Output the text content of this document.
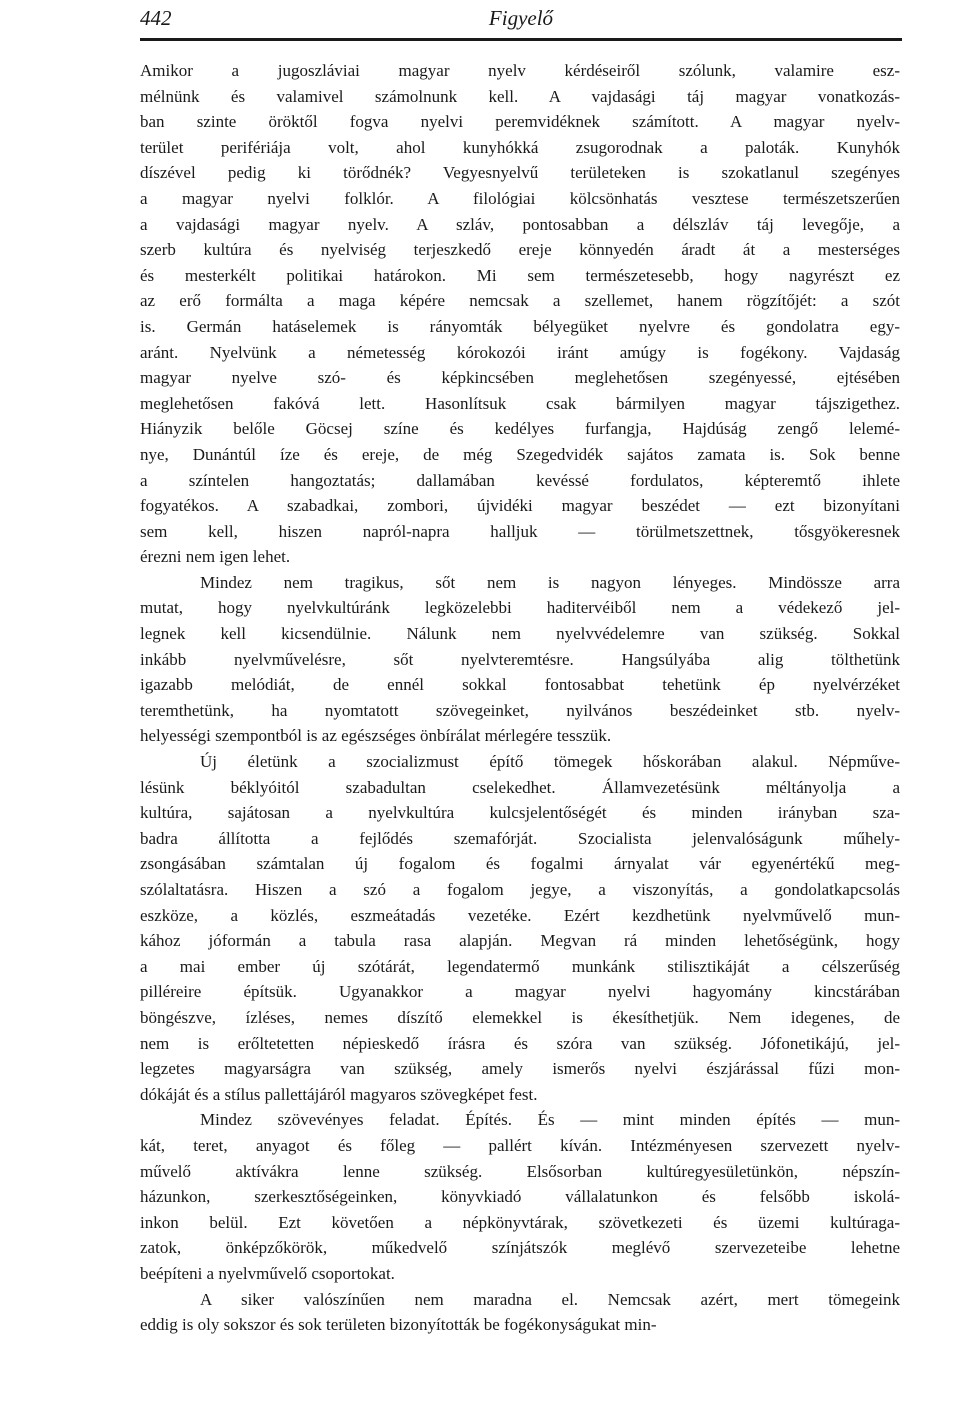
442	Figyelő
Amikor a jugoszláviai magyar nyelv kérdéseiről szólunk, valamire esz-
mélnünk és valamivel számolnunk kell. A vajdasági táj magyar vonatkozás-
ban szinte öröktől fogva nyelvi peremvidéknek számított. A magyar nyelv-
terület perifériája volt, ahol kunyhókká zsugorodnak a paloták. Kunyhók
díszével pedig ki törődnék? Vegyesnyelvű területeken is szokatlanul szegényes
a magyar nyelvi folklór. A filológiai kölcsönhatás vesztese természetszerűen
a vajdasági magyar nyelv. A szláv, pontosabban a délszláv táj levegője, a
szerb kultúra és nyelviség terjeszkedő ereje könnyedén áradt át a mesterséges
és mesterkélt politikai határokon. Mi sem természetesebb, hogy nagyrészt ez
az erő formálta a maga képére nemcsak a szellemet, hanem rögzítőjét: a szót
is. Germán hatáselemek is rányomták bélyegüket nyelvre és gondolatra egy-
aránt. Nyelvünk a németesség kórokozói iránt amúgy is fogékony. Vajdaság
magyar nyelve szó- és képkincsében meglehetősen szegényessé, ejtésében
meglehetősen fakóvá lett. Hasonlítsuk csak bármilyen magyar tájszigethez.
Hiányzik belőle Göcsej színe és kedélyes furfangja, Hajdúság zengő lelemé-
nye, Dunántúl íze és ereje, de még Szegedvidék sajátos zamata is. Sok benne
a színtelen hangoztatás; dallamában kevéssé fordulatos, képteremtő ihlete
fogyatékos. A szabadkai, zombori, újvidéki magyar beszédet — ezt bizonyítani
sem kell, hiszen napról-napra halljuk — törülmetszettnek, tősgyökeresnek
érezni nem igen lehet.
Mindez nem tragikus, sőt nem is nagyon lényeges. Mindössze arra
mutat, hogy nyelvkultúránk legközelebbi haditervéiből nem a védekező jel-
legnek kell kicsendülnie. Nálunk nem nyelvvédelemre van szükség. Sokkal
inkább nyelvművelésre, sőt nyelvteremtésre. Hangsúlyába alig tölthetünk
igazabb melódiát, de ennél sokkal fontosabbat tehetünk ép nyelvérzéket
teremthetünk, ha nyomtatott szövegeinket, nyilvános beszédeinket stb. nyelv-
helyességi szempontból is az egészséges önbírálat mérlegére tesszük.
Új életünk a szocializmust építő tömegek hőskorában alakul. Népműve-
lésünk béklyóitól szabadultan cselekedhet. Államvezetésünk méltányolja a
kultúra, sajátosan a nyelvkultúra kulcsjelentőségét és minden irányban sza-
badra állította a fejlődés szemafórját. Szocialista jelenvalóságunk műhely-
zsongásában számtalan új fogalom és fogalmi árnyalat vár egyenértékű meg-
szólaltatásra. Hiszen a szó a fogalom jegye, a viszonyítás, a gondolatkapcsolás
eszköze, a közlés, eszmeátadás vezetéke. Ezért kezdhetünk nyelvművelő mun-
kához jóformán a tabula rasa alapján. Megvan rá minden lehetőségünk, hogy
a mai ember új szótárát, legendatermő munkánk stilisztikáját a célszerűség
pilléreire építsük. Ugyanakkor a magyar nyelvi hagyomány kincstárában
böngészve, ízléses, nemes díszítő elemekkel is ékesíthetjük. Nem idegenes, de
nem is erőltetetten népieskedő írásra és szóra van szükség. Jófonetikájú, jel-
legzetes magyarságra van szükség, amely ismerős nyelvi észjárással fűzi mon-
dókáját és a stílus pallettájáról magyaros szövegképet fest.
Mindez szövevényes feladat. Építés. És — mint minden építés — mun-
kát, teret, anyagot és főleg — pallért kíván. Intézményesen szervezett nyelv-
művelő aktívákra lenne szükség. Elsősorban kultúregyesületünkön, népszín-
házunkon, szerkesztőségeinken, könyvkiadó vállalatunkon és felsőbb iskolá-
inkon belül. Ezt követően a népkönyvtárak, szövetkezeti és üzemi kultúraga-
zatok, önképzőkörök, műkedvelő színjátszók meglévő szervezeteibe lehetne
beépíteni a nyelvművelő csoportokat.
A siker valószínűen nem maradna el. Nemcsak azért, mert tömegeink
eddig is oly sokszor és sok területen bizonyították be fogékonyságukat min-
